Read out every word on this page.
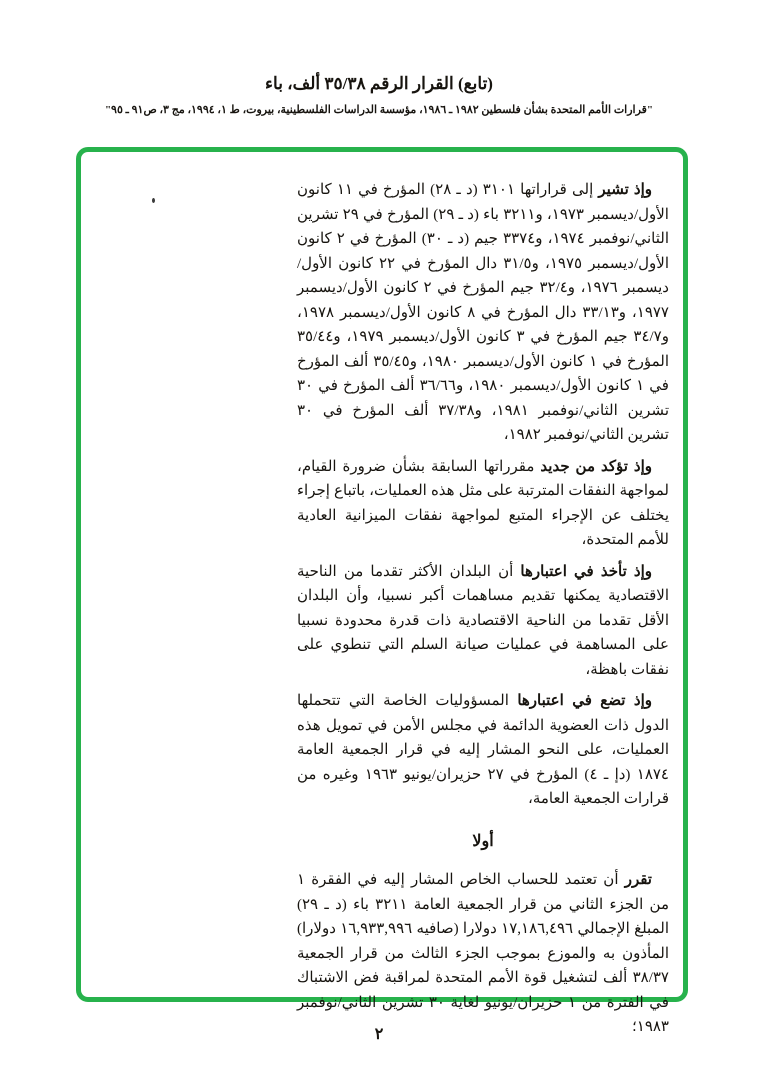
(تابع) القرار الرقم ٣٥/٣٨ ألف، باء
"قرارات الأمم المتحدة بشأن فلسطين ١٩٨٢ ـ ١٩٨٦، مؤسسة الدراسات الفلسطينية، بيروت، ط ١، ١٩٩٤، مج ٣، ص٩١ ـ ٩٥"

وإذ تشير إلى قراراتها ٣١٠١ (د ـ ٢٨) المؤرخ في ١١ كانون الأول/ديسمبر ١٩٧٣، و٣٢١١ باء (د ـ ٢٩) المؤرخ في ٢٩ تشرين الثاني/نوفمبر ١٩٧٤، و٣٣٧٤ جيم (د ـ ٣٠) المؤرخ في ٢ كانون الأول/ديسمبر ١٩٧٥، و٣١/٥ دال المؤرخ في ٢٢ كانون الأول/ديسمبر ١٩٧٦، و٣٢/٤ جيم المؤرخ في ٢ كانون الأول/ديسمبر ١٩٧٧، و٣٣/١٣ دال المؤرخ في ٨ كانون الأول/ديسمبر ١٩٧٨، و٣٤/٧ جيم المؤرخ في ٣ كانون الأول/ديسمبر ١٩٧٩، و٣٥/٤٤ المؤرخ في ١ كانون الأول/ديسمبر ١٩٨٠، و٣٥/٤٥ ألف المؤرخ في ١ كانون الأول/ديسمبر ١٩٨٠، و٣٦/٦٦ ألف المؤرخ في ٣٠ تشرين الثاني/نوفمبر ١٩٨١، و٣٧/٣٨ ألف المؤرخ في ٣٠ تشرين الثاني/نوفمبر ١٩٨٢،

وإذ تؤكد من جديد مقرراتها السابقة بشأن ضرورة القيام، لمواجهة النفقات المترتبة على مثل هذه العمليات، باتباع إجراء يختلف عن الإجراء المتبع لمواجهة نفقات الميزانية العادية للأمم المتحدة،

وإذ تأخذ في اعتبارها أن البلدان الأكثر تقدما من الناحية الاقتصادية يمكنها تقديم مساهمات أكبر نسبيا، وأن البلدان الأقل تقدما من الناحية الاقتصادية ذات قدرة محدودة نسبيا على المساهمة في عمليات صيانة السلم التي تنطوي على نفقات باهظة،

وإذ تضع في اعتبارها المسؤوليات الخاصة التي تتحملها الدول ذات العضوية الدائمة في مجلس الأمن في تمويل هذه العمليات، على النحو المشار إليه في قرار الجمعية العامة ١٨٧٤ (دإ ـ ٤) المؤرخ في ٢٧ حزيران/يونيو ١٩٦٣ وغيره من قرارات الجمعية العامة،

أولا

تقرر أن تعتمد للحساب الخاص المشار إليه في الفقرة ١ من الجزء الثاني من قرار الجمعية العامة ٣٢١١ باء (د ـ ٢٩) المبلغ الإجمالي ١٧,١٨٦,٤٩٦ دولارا (صافيه ١٦,٩٣٣,٩٩٦ دولارا) المأذون به والموزع بموجب الجزء الثالث من قرار الجمعية ٣٨/٣٧ ألف لتشغيل قوة الأمم المتحدة لمراقبة فض الاشتباك في الفترة من ١ حزيران/يونيو لغاية ٣٠ تشرين الثاني/نوفمبر ١٩٨٣؛

٢
